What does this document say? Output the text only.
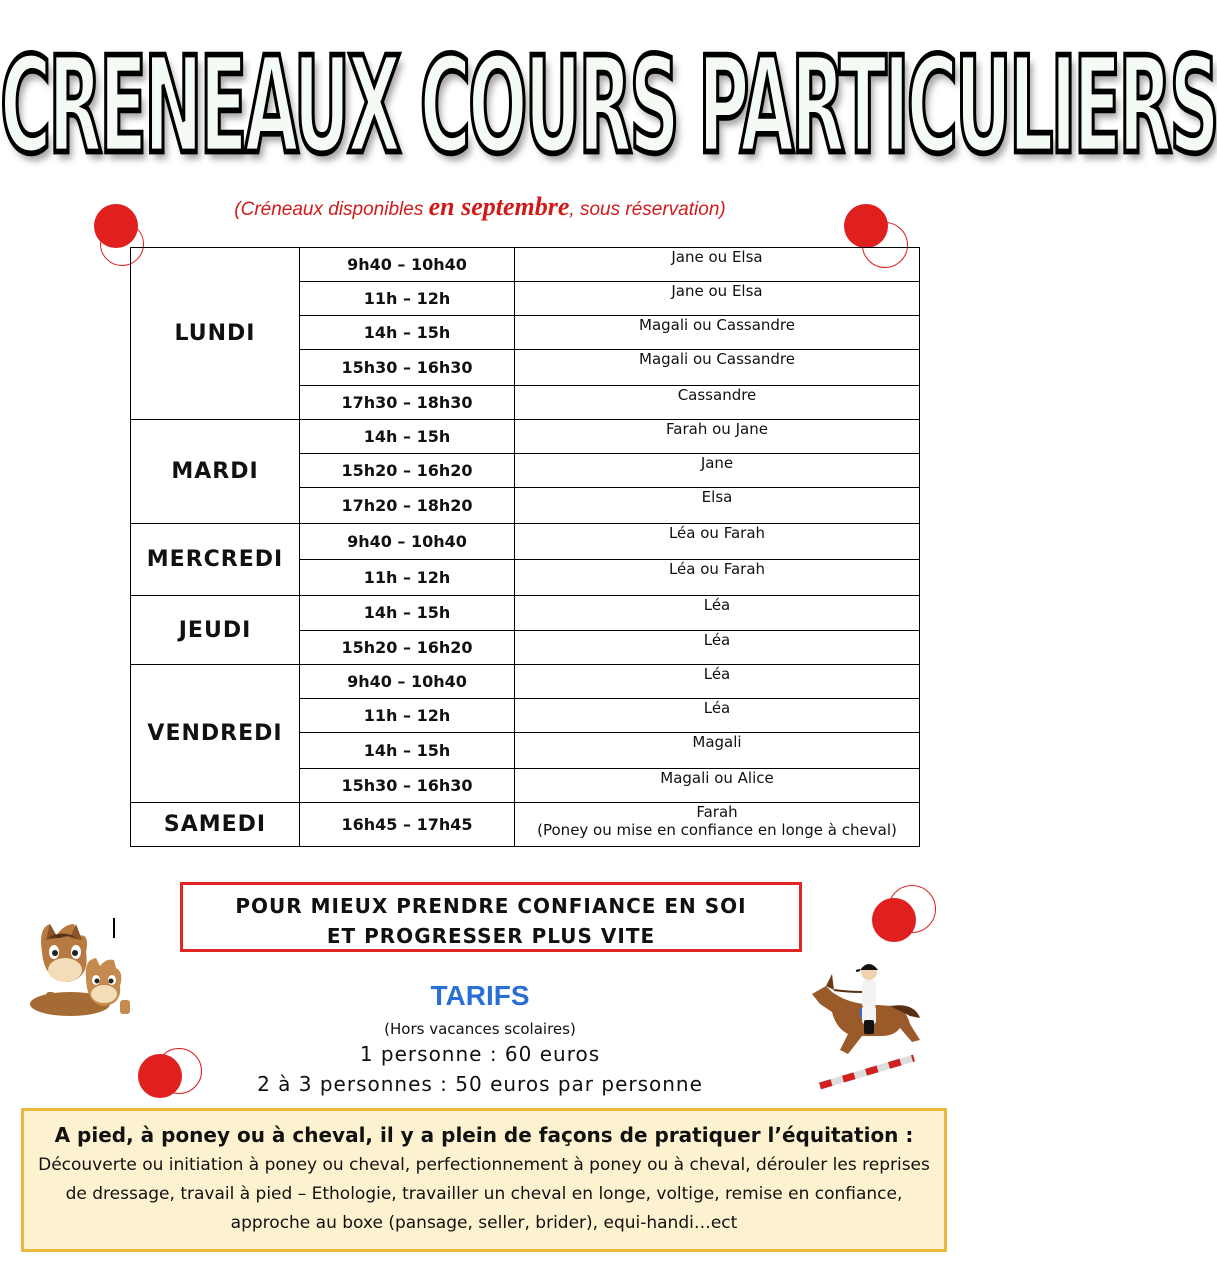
CRENEAUX COURS PARTICULIERS
(Créneaux disponibles en septembre, sous réservation)
LUNDI	9h40 – 10h40	Jane ou Elsa
	11h – 12h	Jane ou Elsa
	14h – 15h	Magali ou Cassandre
	15h30 – 16h30	Magali ou Cassandre
	17h30 – 18h30	Cassandre
MARDI	14h – 15h	Farah ou Jane
	15h20 – 16h20	Jane
	17h20 – 18h20	Elsa
MERCREDI	9h40 – 10h40	Léa ou Farah
	11h – 12h	Léa ou Farah
JEUDI	14h – 15h	Léa
	15h20 – 16h20	Léa
VENDREDI	9h40 – 10h40	Léa
	11h – 12h	Léa
	14h – 15h	Magali
	15h30 – 16h30	Magali ou Alice
SAMEDI	16h45 – 17h45	Farah
(Poney ou mise en confiance en longe à cheval)
POUR MIEUX PRENDRE CONFIANCE EN SOI
ET PROGRESSER PLUS VITE
TARIFS
(Hors vacances scolaires)
1 personne : 60 euros
2 à 3 personnes : 50 euros par personne
A pied, à poney ou à cheval, il y a plein de façons de pratiquer l’équitation :
Découverte ou initiation à poney ou cheval, perfectionnement à poney ou à cheval, dérouler les reprises de dressage, travail à pied – Ethologie, travailler un cheval en longe, voltige, remise en confiance, approche au boxe (pansage, seller, brider), equi-handi…ect
